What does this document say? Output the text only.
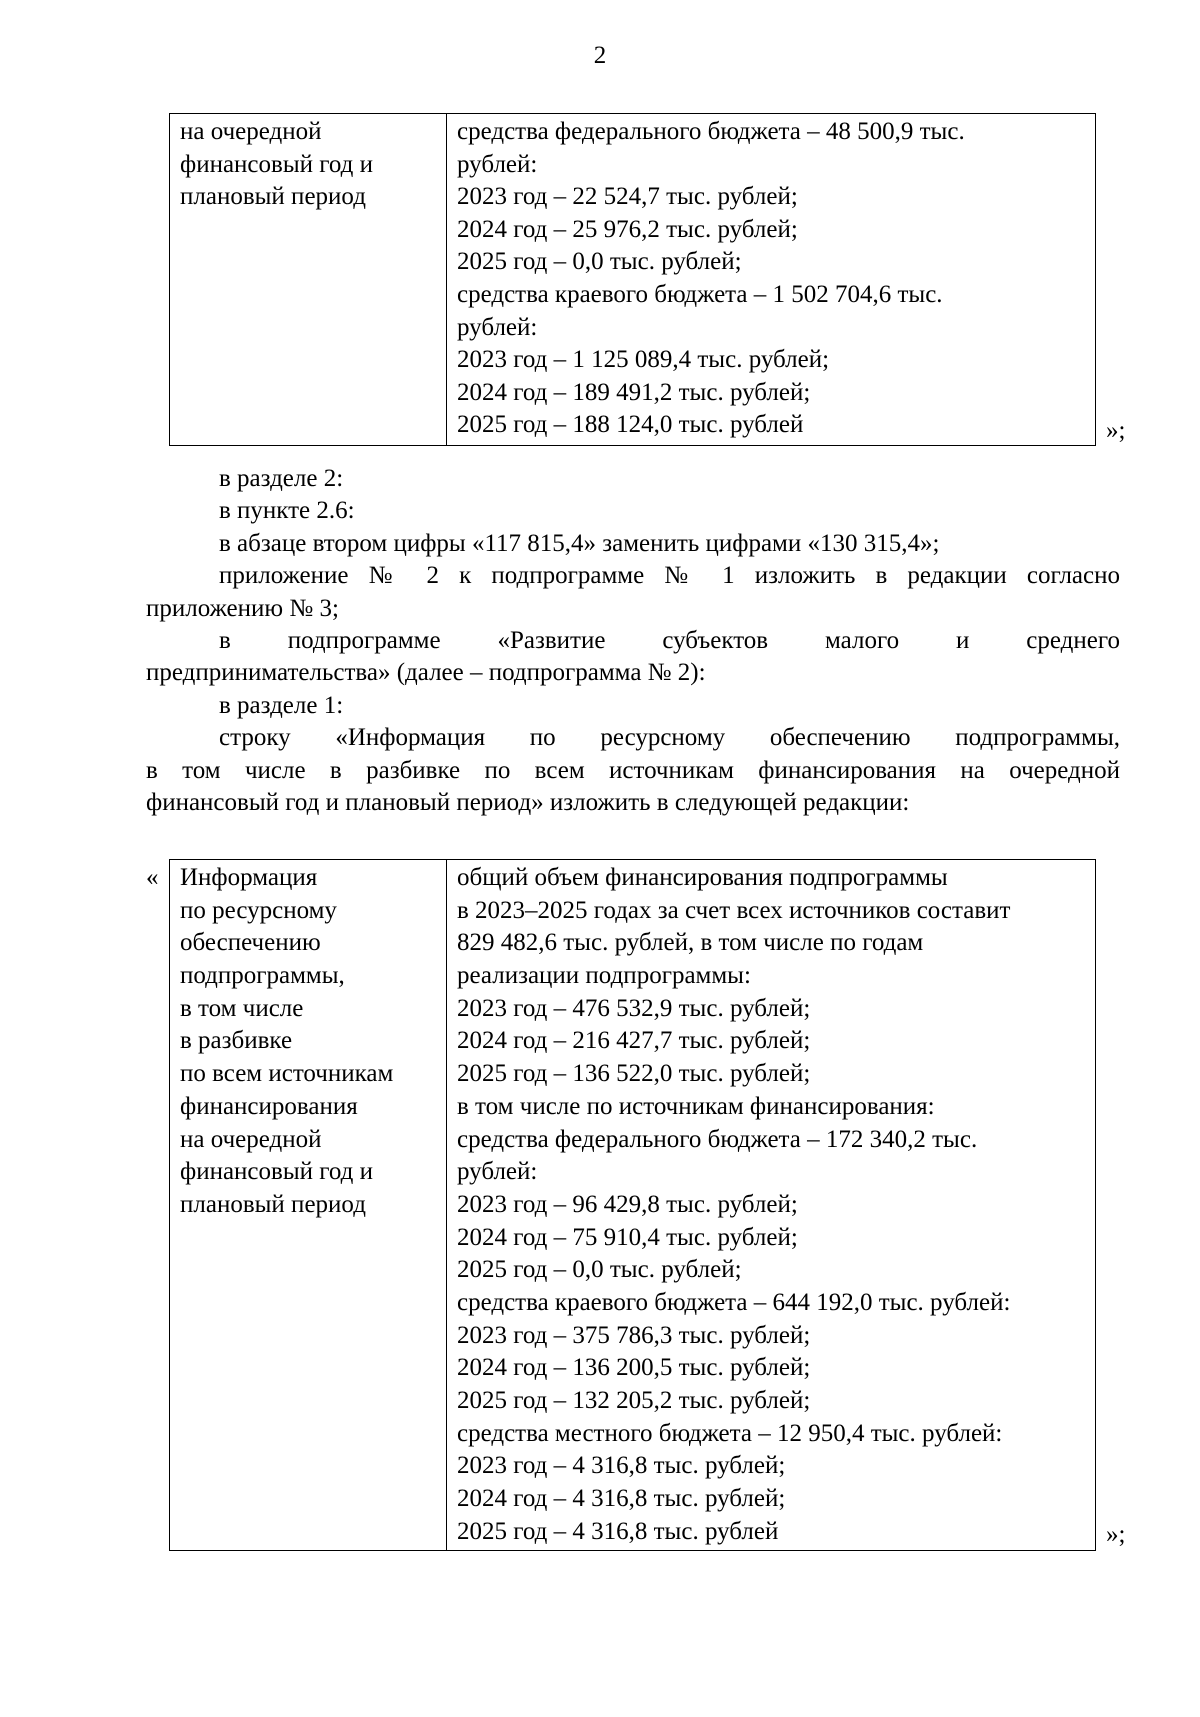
2
на очередной
финансовый год и
плановый период
средства федерального бюджета – 48 500,9 тыс.
рублей:
2023 год – 22 524,7 тыс. рублей;
2024 год – 25 976,2 тыс. рублей;
2025 год – 0,0 тыс. рублей;
средства краевого бюджета – 1 502 704,6 тыс.
рублей:
2023 год – 1 125 089,4 тыс. рублей;
2024 год – 189 491,2 тыс. рублей;
2025 год – 188 124,0 тыс. рублей	»;
в разделе 2:
в пункте 2.6:
в абзаце втором цифры «117 815,4» заменить цифрами «130 315,4»;
приложение № 2 к подпрограмме № 1 изложить в редакции согласно
приложению № 3;
в подпрограмме «Развитие субъектов малого и среднего
предпринимательства» (далее – подпрограмма № 2):
в разделе 1:
строку «Информация по ресурсному обеспечению подпрограммы,
в том числе в разбивке по всем источникам финансирования на очередной
финансовый год и плановый период» изложить в следующей редакции:
« Информация
по ресурсному
обеспечению
подпрограммы,
в том числе
в разбивке
по всем источникам
финансирования
на очередной
финансовый год и
плановый период
общий объем финансирования подпрограммы
в 2023–2025 годах за счет всех источников составит
829 482,6 тыс. рублей, в том числе по годам
реализации подпрограммы:
2023 год – 476 532,9 тыс. рублей;
2024 год – 216 427,7 тыс. рублей;
2025 год – 136 522,0 тыс. рублей;
в том числе по источникам финансирования:
средства федерального бюджета – 172 340,2 тыс.
рублей:
2023 год – 96 429,8 тыс. рублей;
2024 год – 75 910,4 тыс. рублей;
2025 год – 0,0 тыс. рублей;
средства краевого бюджета – 644 192,0 тыс. рублей:
2023 год – 375 786,3 тыс. рублей;
2024 год – 136 200,5 тыс. рублей;
2025 год – 132 205,2 тыс. рублей;
средства местного бюджета – 12 950,4 тыс. рублей:
2023 год – 4 316,8 тыс. рублей;
2024 год – 4 316,8 тыс. рублей;
2025 год – 4 316,8 тыс. рублей	»;
